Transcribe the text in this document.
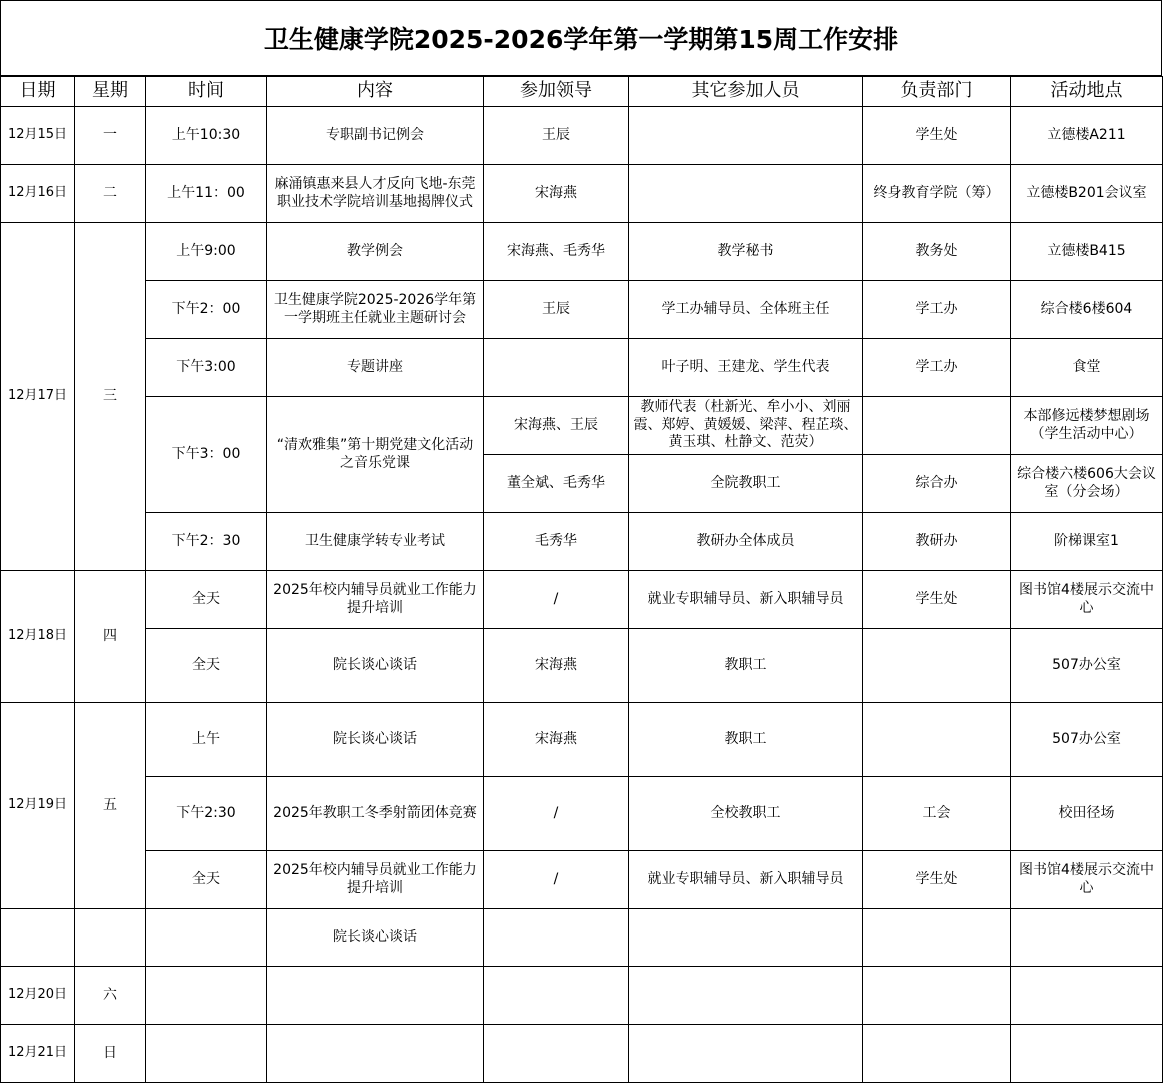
卫生健康学院2025-2026学年第一学期第15周工作安排
日期	星期	时间	内容	参加领导	其它参加人员	负责部门	活动地点
12月15日	一	上午10:30	专职副书记例会	王辰		学生处	立德楼A211
12月16日	二	上午11：00	麻涌镇惠来县人才反向飞地-东莞职业技术学院培训基地揭牌仪式	宋海燕		终身教育学院（筹）	立德楼B201会议室
12月17日	三	上午9:00	教学例会	宋海燕、毛秀华	教学秘书	教务处	立德楼B415
		下午2：00	卫生健康学院2025-2026学年第一学期班主任就业主题研讨会	王辰	学工办辅导员、全体班主任	学工办	综合楼6楼604
		下午3:00	专题讲座		叶子明、王建龙、学生代表	学工办	食堂
		下午3：00	“清欢雅集”第十期党建文化活动之音乐党课	宋海燕、王辰	教师代表（杜新光、牟小小、刘丽霞、郑婷、黄媛媛、梁萍、程芷琰、黄玉琪、杜静文、范荧）		本部修远楼梦想剧场（学生活动中心）
				董全斌、毛秀华	全院教职工	综合办	综合楼六楼606大会议室（分会场）
		下午2：30	卫生健康学转专业考试	毛秀华	教研办全体成员	教研办	阶梯课室1
12月18日	四	全天	2025年校内辅导员就业工作能力提升培训	/	就业专职辅导员、新入职辅导员	学生处	图书馆4楼展示交流中心
		全天	院长谈心谈话	宋海燕	教职工		507办公室
12月19日	五	上午	院长谈心谈话	宋海燕	教职工		507办公室
		下午2:30	2025年教职工冬季射箭团体竞赛	/	全校教职工	工会	校田径场
		全天	2025年校内辅导员就业工作能力提升培训	/	就业专职辅导员、新入职辅导员	学生处	图书馆4楼展示交流中心
			院长谈心谈话				
12月20日	六						
12月21日	日						
